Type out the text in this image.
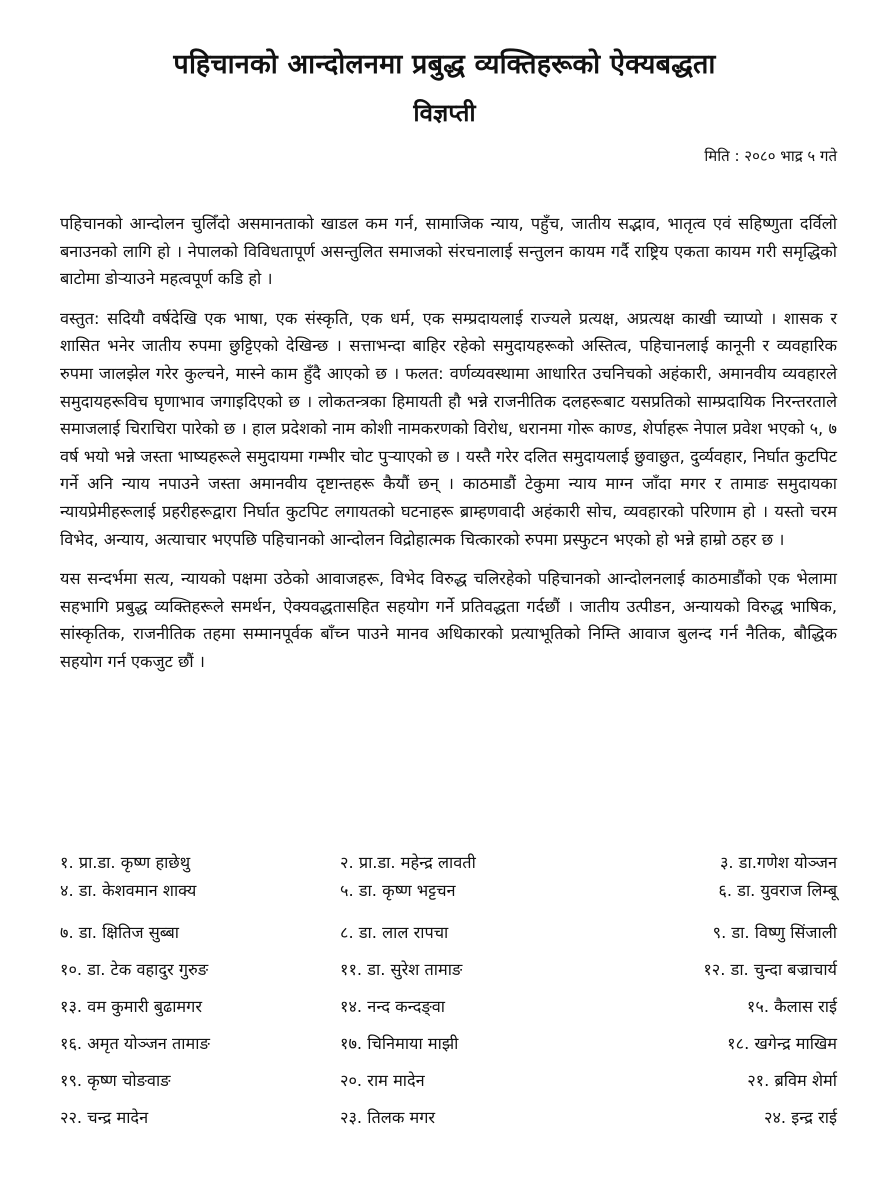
पहिचानको आन्दोलनमा प्रबुद्ध व्यक्तिहरूको ऐक्यबद्धता
विज्ञप्ती
मिति : २०८० भाद्र ५ गते

पहिचानको आन्दोलन चुलिँदो असमानताको खाडल कम गर्न, सामाजिक न्याय, पहुँच, जातीय सद्भाव, भातृत्व एवं सहिष्णुता दर्विलो बनाउनको लागि हो । नेपालको विविधतापूर्ण असन्तुलित समाजको संरचनालाई सन्तुलन कायम गर्दै राष्ट्रिय एकता कायम गरी समृद्धिको बाटोमा डोऱ्याउने महत्वपूर्ण कडि हो ।

वस्तुत: सदियौ वर्षदेखि एक भाषा, एक संस्कृति, एक धर्म, एक सम्प्रदायलाई राज्यले प्रत्यक्ष, अप्रत्यक्ष काखी च्याप्यो । शासक र शासित भनेर जातीय रुपमा छुट्टिएको देखिन्छ । सत्ताभन्दा बाहिर रहेको समुदायहरूको अस्तित्व, पहिचानलाई कानूनी र व्यवहारिक रुपमा जालझेल गरेर कुल्चने, मास्ने काम हुँदै आएको छ । फलत: वर्णव्यवस्थामा आधारित उचनिचको अहंकारी, अमानवीय व्यवहारले समुदायहरूविच घृणाभाव जगाइदिएको छ । लोकतन्त्रका हिमायती हौ भन्ने राजनीतिक दलहरूबाट यसप्रतिको साम्प्रदायिक निरन्तरताले समाजलाई चिराचिरा पारेको छ । हाल प्रदेशको नाम कोशी नामकरणको विरोध, धरानमा गोरू काण्ड, शेर्पाहरू नेपाल प्रवेश भएको ५, ७ वर्ष भयो भन्ने जस्ता भाष्यहरूले समुदायमा गम्भीर चोट पुऱ्याएको छ । यस्तै गरेर दलित समुदायलाई छुवाछुत, दुर्व्यवहार, निर्घात कुटपिट गर्ने अनि न्याय नपाउने जस्ता अमानवीय दृष्टान्तहरू कैयौं छन् । काठमाडौं टेकुमा न्याय माग्न जाँदा मगर र तामाङ समुदायका न्यायप्रेमीहरूलाई प्रहरीहरूद्वारा निर्घात कुटपिट लगायतको घटनाहरू ब्राम्हणवादी अहंकारी सोच, व्यवहारको परिणाम हो । यस्तो चरम विभेद, अन्याय, अत्याचार भएपछि पहिचानको आन्दोलन विद्रोहात्मक चित्कारको रुपमा प्रस्फुटन भएको हो भन्ने हाम्रो ठहर छ ।

यस सन्दर्भमा सत्य, न्यायको पक्षमा उठेको आवाजहरू, विभेद विरुद्ध चलिरहेको पहिचानको आन्दोलनलाई काठमाडौंको एक भेलामा सहभागि प्रबुद्ध व्यक्तिहरूले समर्थन, ऐक्यवद्धतासहित सहयोग गर्ने प्रतिवद्धता गर्दछौं । जातीय उत्पीडन, अन्यायको विरुद्ध भाषिक, सांस्कृतिक, राजनीतिक तहमा सम्मानपूर्वक बाँच्न पाउने मानव अधिकारको प्रत्याभूतिको निम्ति आवाज बुलन्द गर्न नैतिक, बौद्धिक सहयोग गर्न एकजुट छौं ।

१. प्रा.डा. कृष्ण हाछेथु	२. प्रा.डा. महेन्द्र लावती	३. डा.गणेश योञ्जन
४. डा. केशवमान शाक्य	५. डा. कृष्ण भट्टचन	६. डा. युवराज लिम्बू
७. डा. क्षितिज सुब्बा	८. डा. लाल रापचा	९. डा. विष्णु सिंजाली
१०. डा. टेक वहादुर गुरुङ	११. डा. सुरेश तामाङ	१२. डा. चुन्दा बज्राचार्य
१३. वम कुमारी बुढामगर	१४. नन्द कन्दङ्वा	१५. कैलास राई
१६. अमृत योञ्जन तामाङ	१७. चिनिमाया माझी	१८. खगेन्द्र माखिम
१९. कृष्ण चोङवाङ	२०. राम मादेन	२१. ब्रविम शेर्मा
२२. चन्द्र मादेन	२३. तिलक मगर	२४. इन्द्र राई
